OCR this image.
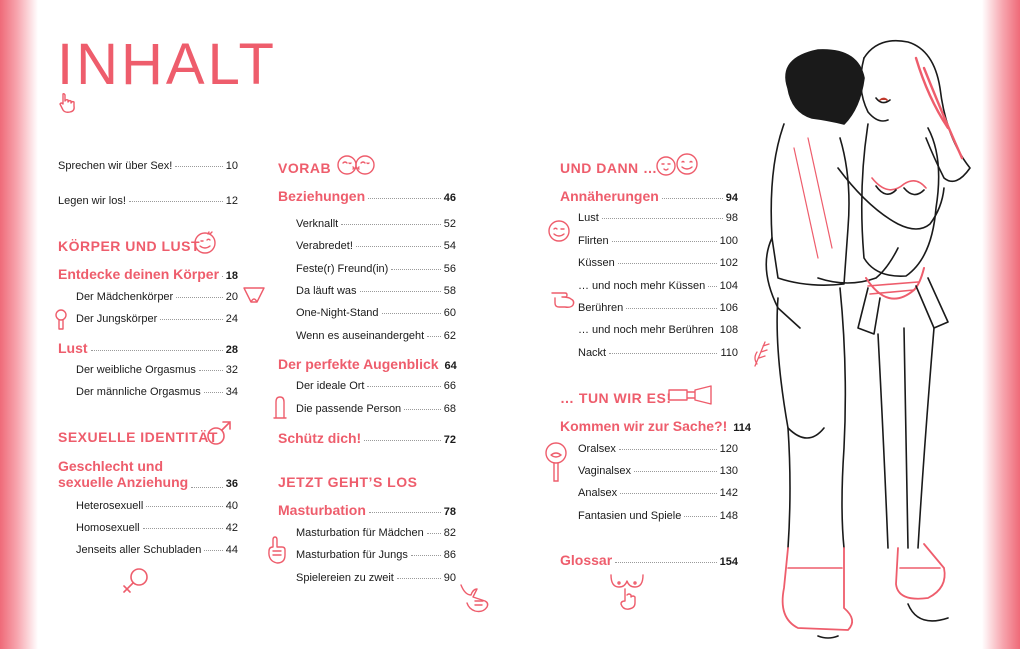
INHALT
Sprechen wir über Sex!	10
Legen wir los!	12
KÖRPER UND LUST
Entdecke deinen Körper 18
Der Mädchenkörper	20
Der Jungskörper	24
Lust	28
Der weibliche Orgasmus	32
Der männliche Orgasmus 34
SEXUELLE IDENTITÄT
Geschlecht und
sexuelle Anziehung	36
Heterosexuell	40
Homosexuell	42
Jenseits aller Schubladen 44
VORAB
Beziehungen	46
Verknallt	52
Verabredet!	54
Feste(r) Freund(in)	56
Da läuft was	58
One-Night-Stand	60
Wenn es auseinandergeht 62
Der perfekte Augenblick 64
Der ideale Ort	66
Die passende Person	68
Schütz dich!	72
JETZT GEHT’S LOS
Masturbation	78
Masturbation für Mädchen 82
Masturbation für Jungs	86
Spielereien zu zweit	90
UND DANN …
Annäherungen	94
Lust	98
Flirten	100
Küssen	102
… und noch mehr Küssen 104
Berühren	106
… und noch mehr Berühren 108
Nackt	110
… TUN WIR ES!
Kommen wir zur Sache?! 114
Oralsex	120
Vaginalsex	130
Analsex	142
Fantasien und Spiele	148
Glossar	154
